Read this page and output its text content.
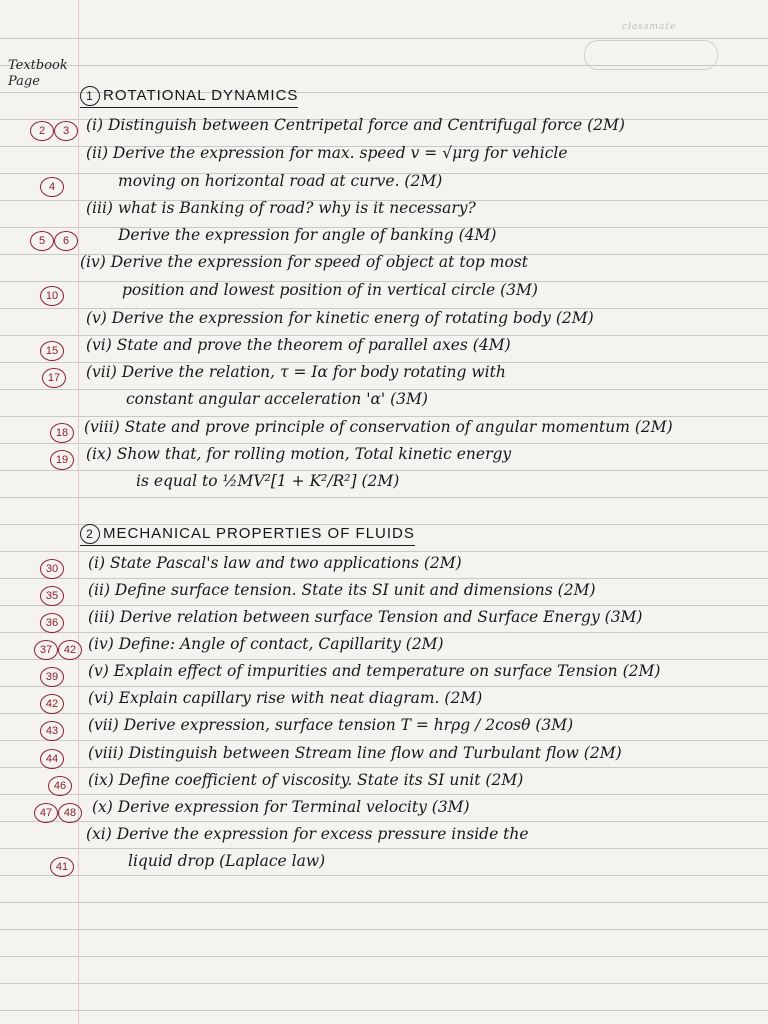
classmate
Textbook
Page
1 ROTATIONAL DYNAMICS
(i) Distinguish between Centripetal force and Centrifugal force (2M)
2	3
(ii) Derive the expression for max. speed v = √μrg for vehicle
moving on horizontal road at curve. (2M)
4
(iii) what is Banking of road? why is it necessary?
Derive the expression for angle of banking (4M)
5	6
(iv) Derive the expression for speed of object at top most
position and lowest position of in vertical circle (3M)
10
(v) Derive the expression for kinetic energ of rotating body (2M)
(vi) State and prove the theorem of parallel axes (4M)
15
(vii) Derive the relation, τ = Iα for body rotating with
17
constant angular acceleration 'α' (3M)
(viii) State and prove principle of conservation of angular momentum (2M)
18
(ix) Show that, for rolling motion, Total kinetic energy
19
is equal to ½MV²[1 + K²/R²] (2M)
2 MECHANICAL PROPERTIES OF FLUIDS
(i) State Pascal's law and two applications (2M)
30
(ii) Define surface tension. State its SI unit and dimensions (2M)
35
(iii) Derive relation between surface Tension and Surface Energy (3M)
36
(iv) Define: Angle of contact, Capillarity (2M)
37	42
(v) Explain effect of impurities and temperature on surface Tension (2M)
39
(vi) Explain capillary rise with neat diagram. (2M)
42
(vii) Derive expression, surface tension T = hrρg / 2cosθ (3M)
43
(viii) Distinguish between Stream line flow and Turbulant flow (2M)
44
(ix) Define coefficient of viscosity. State its SI unit (2M)
46
(x) Derive expression for Terminal velocity (3M)
47	48
(xi) Derive the expression for excess pressure inside the
liquid drop (Laplace law)
41
